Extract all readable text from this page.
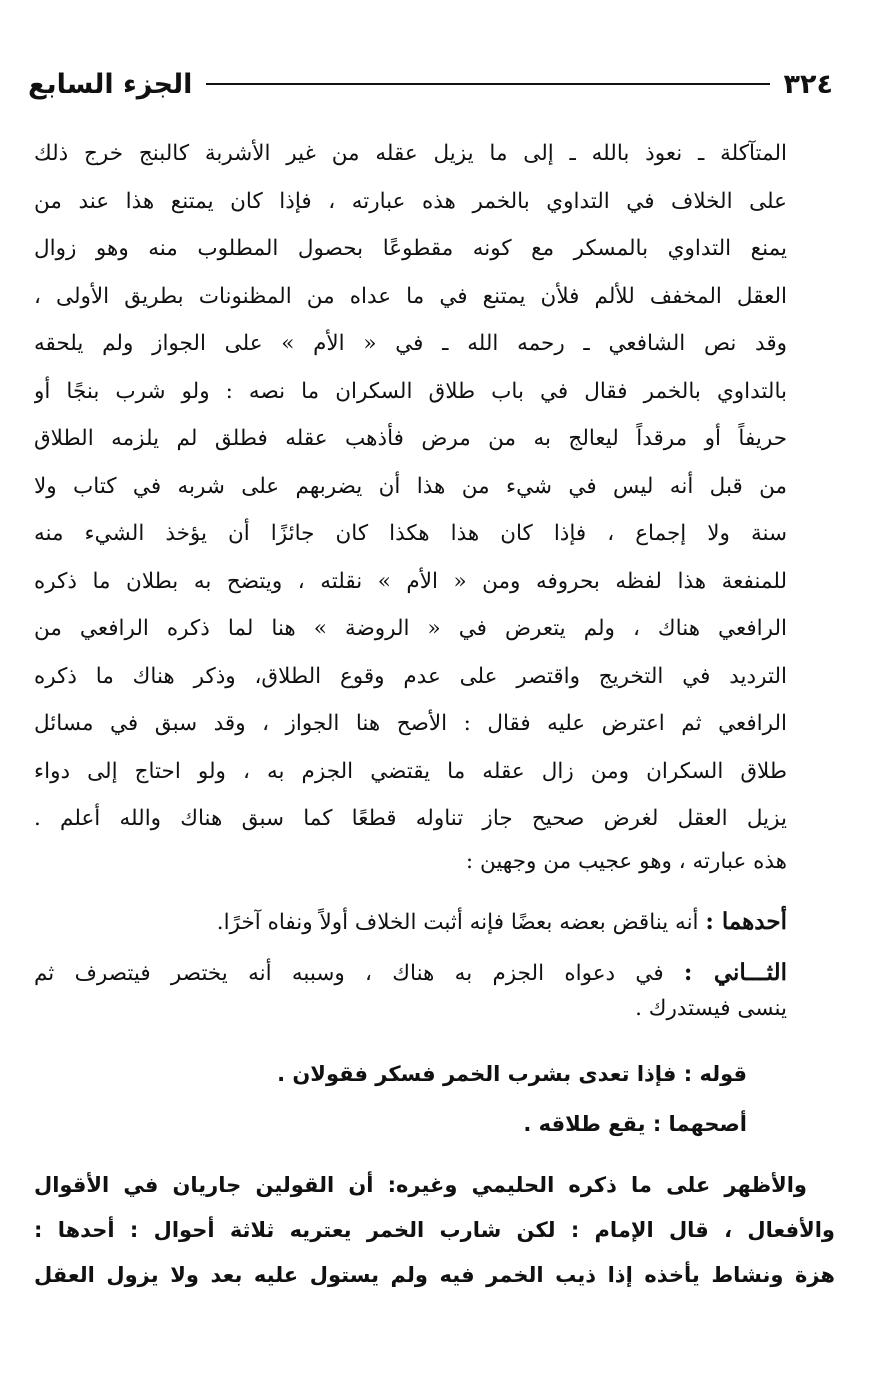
٣٢٤
الجزء السابع
المتآكلة ـ نعوذ بالله ـ إلى ما يزيل عقله من غير الأشربة كالبنج خرج ذلك
على الخلاف في التداوي بالخمر هذه عبارته ، فإذا كان يمتنع هذا عند من
يمنع التداوي بالمسكر مع كونه مقطوعًا بحصول المطلوب منه وهو زوال
العقل المخفف للألم فلأن يمتنع في ما عداه من المظنونات بطريق الأولى ،
وقد نص الشافعي ـ رحمه الله ـ في « الأم » على الجواز ولم يلحقه
بالتداوي بالخمر فقال في باب طلاق السكران ما نصه : ولو شرب بنجًا أو
حريفاً أو مرقداً ليعالج به من مرض فأذهب عقله فطلق لم يلزمه الطلاق
من قبل أنه ليس في شيء من هذا أن يضربهم على شربه في كتاب ولا
سنة ولا إجماع ، فإذا كان هذا هكذا كان جائزًا أن يؤخذ الشيء منه
للمنفعة هذا لفظه بحروفه ومن « الأم » نقلته ، ويتضح به بطلان ما ذكره
الرافعي هناك ، ولم يتعرض في « الروضة » هنا لما ذكره الرافعي من
الترديد في التخريج واقتصر على عدم وقوع الطلاق، وذكر هناك ما ذكره
الرافعي ثم اعترض عليه فقال : الأصح هنا الجواز ، وقد سبق في مسائل
طلاق السكران ومن زال عقله ما يقتضي الجزم به ، ولو احتاج إلى دواء
يزيل العقل لغرض صحيح جاز تناوله قطعًا كما سبق هناك والله أعلم .
هذه عبارته ، وهو عجيب من وجهين :
أحدهما : أنه يناقض بعضه بعضًا فإنه أثبت الخلاف أولاً ونفاه آخرًا.
الثـــاني : في دعواه الجزم به هناك ، وسببه أنه يختصر فيتصرف ثم
ينسى فيستدرك .
قوله : فإذا تعدى بشرب الخمر فسكر فقولان .
أصحهما : يقع طلاقه .
والأظهر على ما ذكره الحليمي وغيره: أن القولين جاريان في الأقوال
والأفعال ، قال الإمام : لكن شارب الخمر يعتريه ثلاثة أحوال : أحدها :
هزة ونشاط يأخذه إذا ذيب الخمر فيه ولم يستول عليه بعد ولا يزول العقل
